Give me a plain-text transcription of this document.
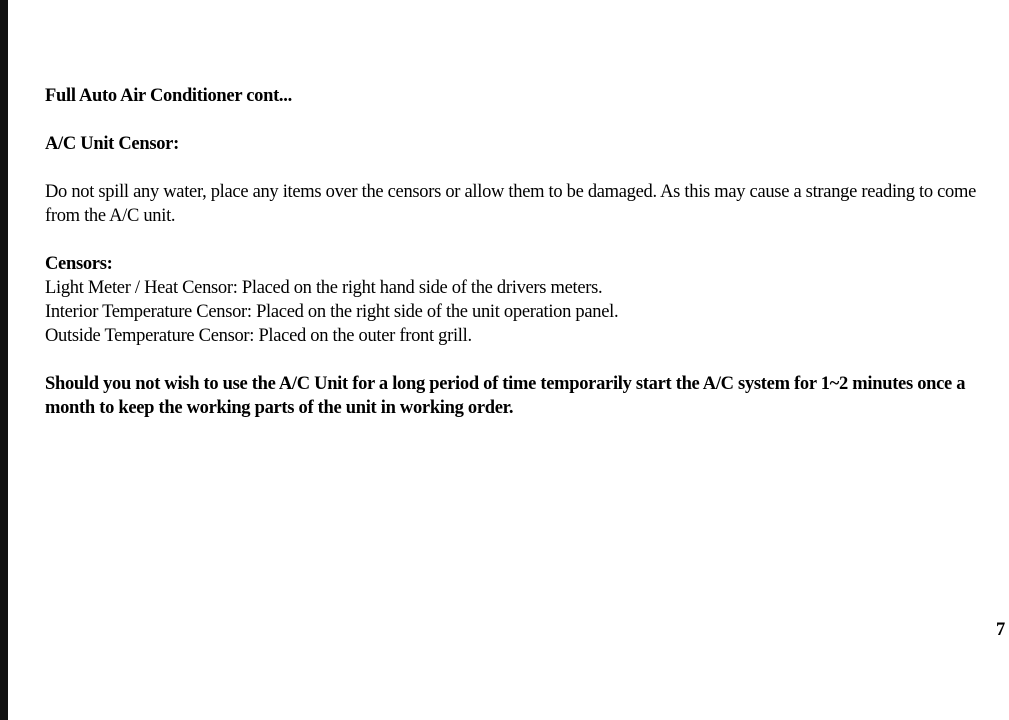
Full Auto Air Conditioner cont...

A/C Unit Censor:

Do not spill any water, place any items over the censors or allow them to be damaged. As this may cause a strange reading to come from the A/C unit.

Censors:

Light Meter / Heat Censor: Placed on the right hand side of the drivers meters.

Interior Temperature Censor: Placed on the right side of the unit operation panel.

Outside Temperature Censor: Placed on the outer front grill.

Should you not wish to use the A/C Unit for a long period of time temporarily start the A/C system for 1~2 minutes once a month to keep the working parts of the unit in working order.

7
